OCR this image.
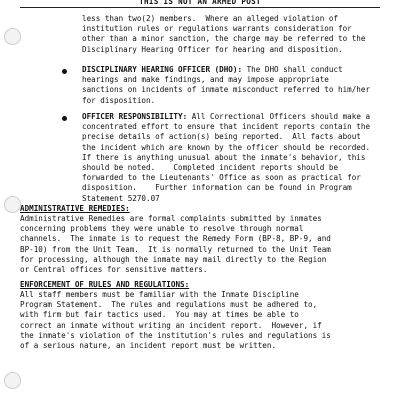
THIS IS NOT AN ARMED POST

less than two(2) members.  Where an alleged violation of

institution rules or regulations warrants consideration for

other than a minor sanction, the charge may be referred to the

Disciplinary Hearing Officer for hearing and disposition.

DISCIPLINARY HEARING OFFICER (DHO): The DHO shall conduct

hearings and make findings, and may impose appropriate

sanctions on incidents of inmate misconduct referred to him/her

for disposition.

OFFICER RESPONSIBILITY: All Correctional Officers should make a

concentrated effort to ensure that incident reports contain the

precise details of action(s) being reported.  All facts about

the incident which are known by the officer should be recorded.

If there is anything unusual about the inmate's behavior, this

should be noted.    Completed incident reports should be

forwarded to the Lieutenants' Office as soon as practical for

disposition.    Further information can be found in Program

Statement 5270.07

ADMINISTRATIVE REMEDIES:

Administrative Remedies are formal complaints submitted by inmates

concerning problems they were unable to resolve through normal

channels.  The inmate is to request the Remedy Form (BP-8, BP-9, and

BP-10) from the Unit Team.  It is normally returned to the Unit Team

for processing, although the inmate may mail directly to the Region

or Central offices for sensitive matters.

ENFORCEMENT OF RULES AND REGULATIONS:

All staff members must be familiar with the Inmate Discipline

Program Statement.  The rules and regulations must be adhered to,

with firm but fair tactics used.  You may at times be able to

correct an inmate without writing an incident report.  However, if

the inmate's violation of the institution's rules and regulations is

of a serious nature, an incident report must be written.
